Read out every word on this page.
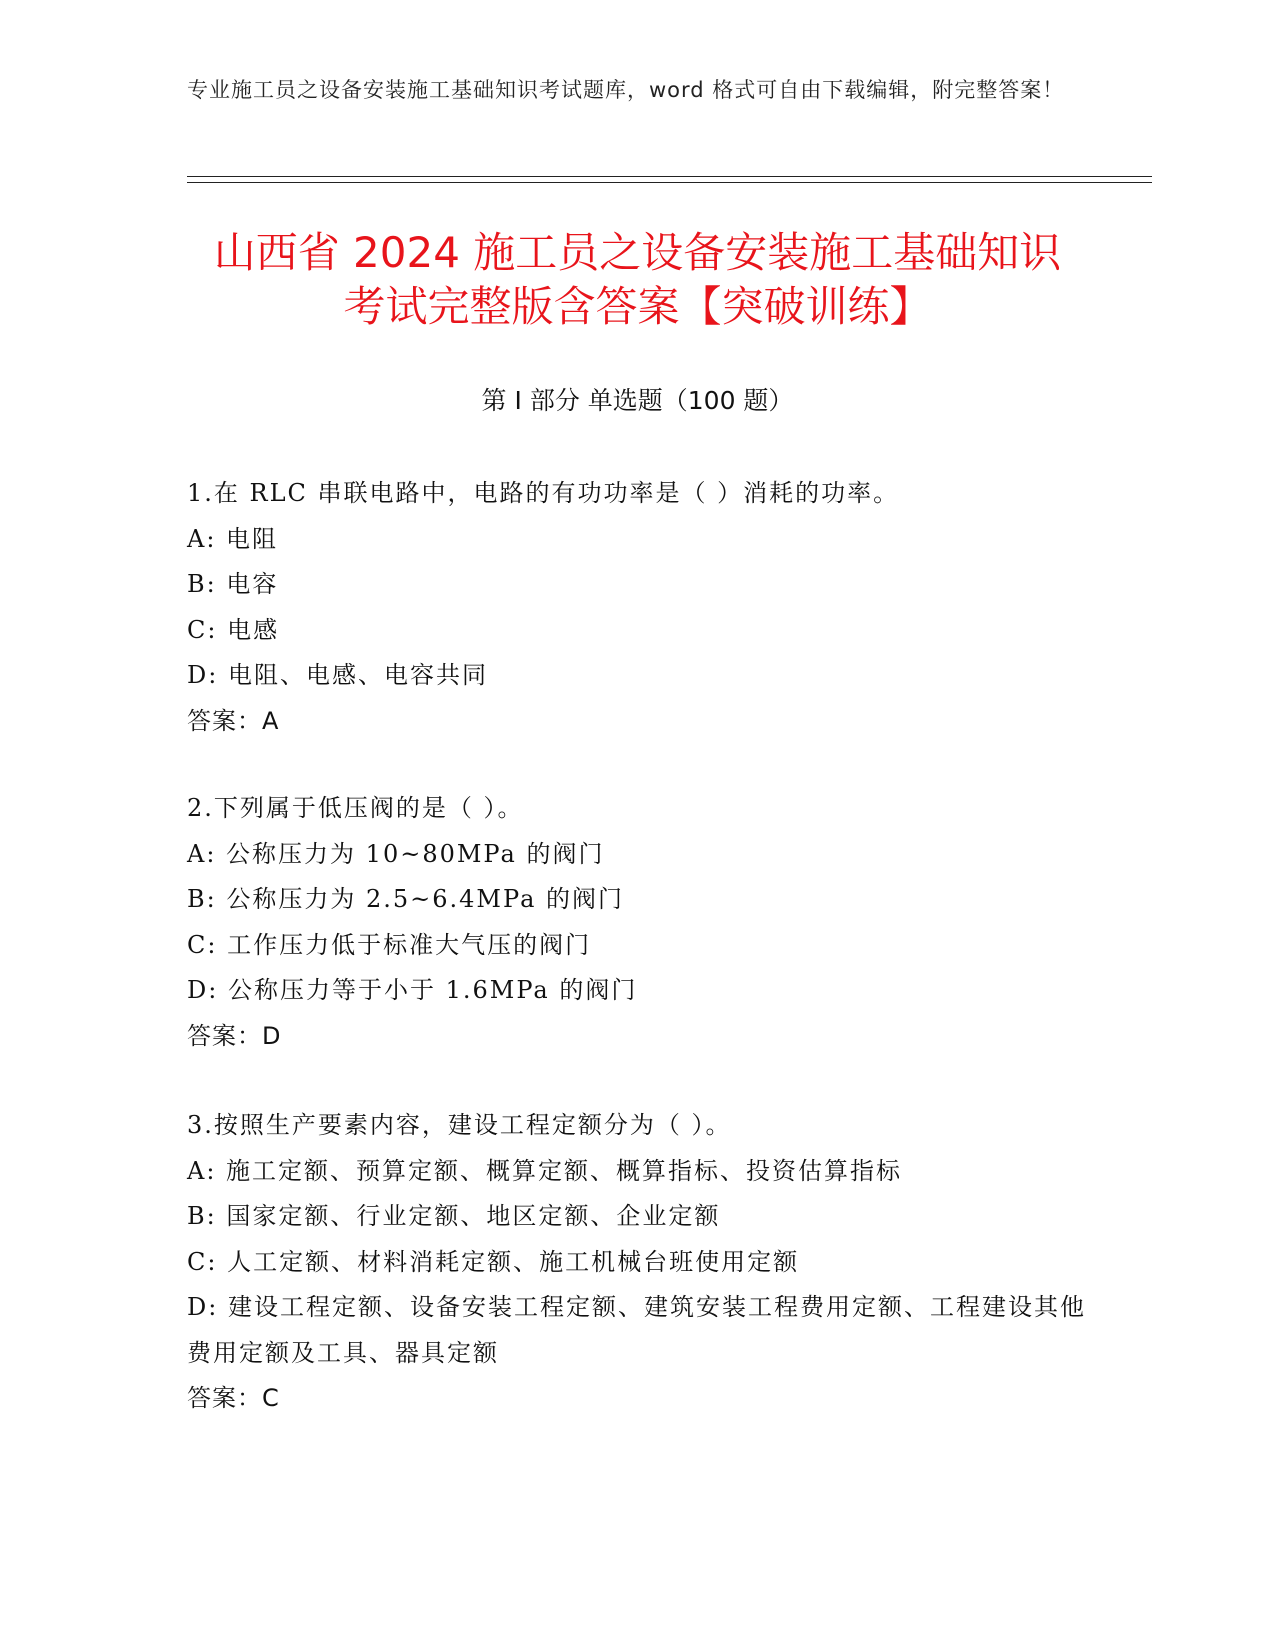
专业施工员之设备安装施工基础知识考试题库，word 格式可自由下载编辑，附完整答案！
山西省 2024 施工员之设备安装施工基础知识
考试完整版含答案【突破训练】
第 I 部分 单选题（100 题）
1.在 RLC 串联电路中，电路的有功功率是（ ）消耗的功率。
A: 电阻
B: 电容
C: 电感
D: 电阻、电感、电容共同
答案：A
2.下列属于低压阀的是（ ）。
A: 公称压力为 10~80MPa 的阀门
B: 公称压力为 2.5~6.4MPa 的阀门
C: 工作压力低于标准大气压的阀门
D: 公称压力等于小于 1.6MPa 的阀门
答案：D
3.按照生产要素内容，建设工程定额分为（ ）。
A: 施工定额、预算定额、概算定额、概算指标、投资估算指标
B: 国家定额、行业定额、地区定额、企业定额
C: 人工定额、材料消耗定额、施工机械台班使用定额
D: 建设工程定额、设备安装工程定额、建筑安装工程费用定额、工程建设其他费用定额及工具、器具定额
答案：C
